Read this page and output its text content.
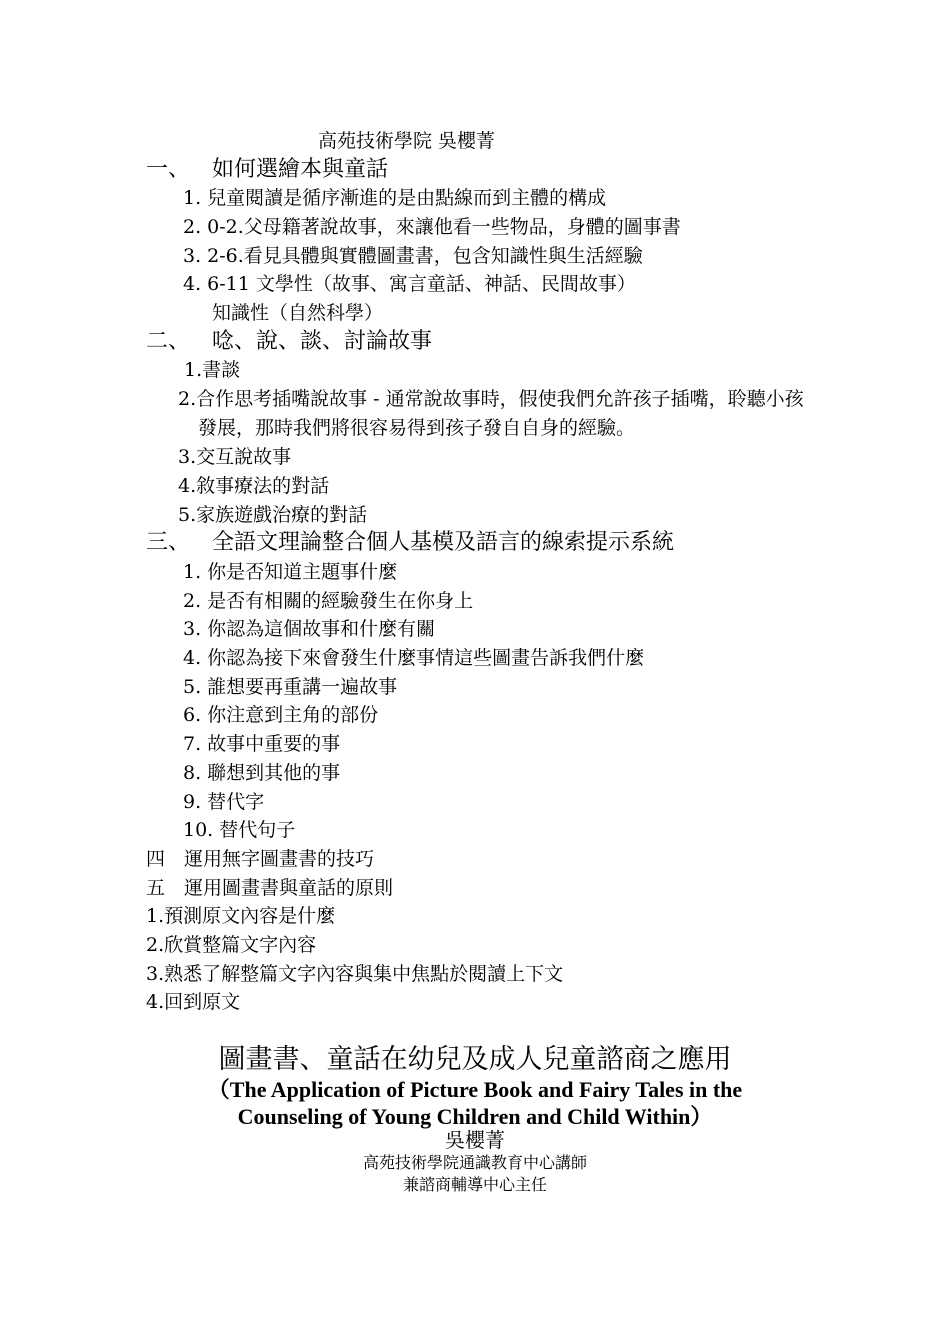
高苑技術學院 吳櫻菁
一、 如何選繪本與童話
1. 兒童閱讀是循序漸進的是由點線而到主體的構成
2. 0-2.父母籍著說故事，來讓他看一些物品，身體的圖事書
3. 2-6.看見具體與實體圖畫書，包含知識性與生活經驗
4. 6-11 文學性（故事、寓言童話、神話、民間故事）
知識性（自然科學）
二、 唸、說、談、討論故事
1.書談
2.合作思考插嘴說故事 - 通常說故事時，假使我們允許孩子插嘴，聆聽小孩
發展，那時我們將很容易得到孩子發自自身的經驗。
3.交互說故事
4.敘事療法的對話
5.家族遊戲治療的對話
三、 全語文理論整合個人基模及語言的線索提示系統
1. 你是否知道主題事什麼
2. 是否有相關的經驗發生在你身上
3. 你認為這個故事和什麼有關
4. 你認為接下來會發生什麼事情這些圖畫告訴我們什麼
5. 誰想要再重講一遍故事
6. 你注意到主角的部份
7. 故事中重要的事
8. 聯想到其他的事
9. 替代字
10. 替代句子
四　運用無字圖畫書的技巧
五　運用圖畫書與童話的原則
1.預測原文內容是什麼
2.欣賞整篇文字內容
3.熟悉了解整篇文字內容與集中焦點於閱讀上下文
4.回到原文
圖畫書、童話在幼兒及成人兒童諮商之應用
（The Application of Picture Book and Fairy Tales in the
Counseling of Young Children and Child Within）
吳櫻菁
高苑技術學院通識教育中心講師
兼諮商輔導中心主任
